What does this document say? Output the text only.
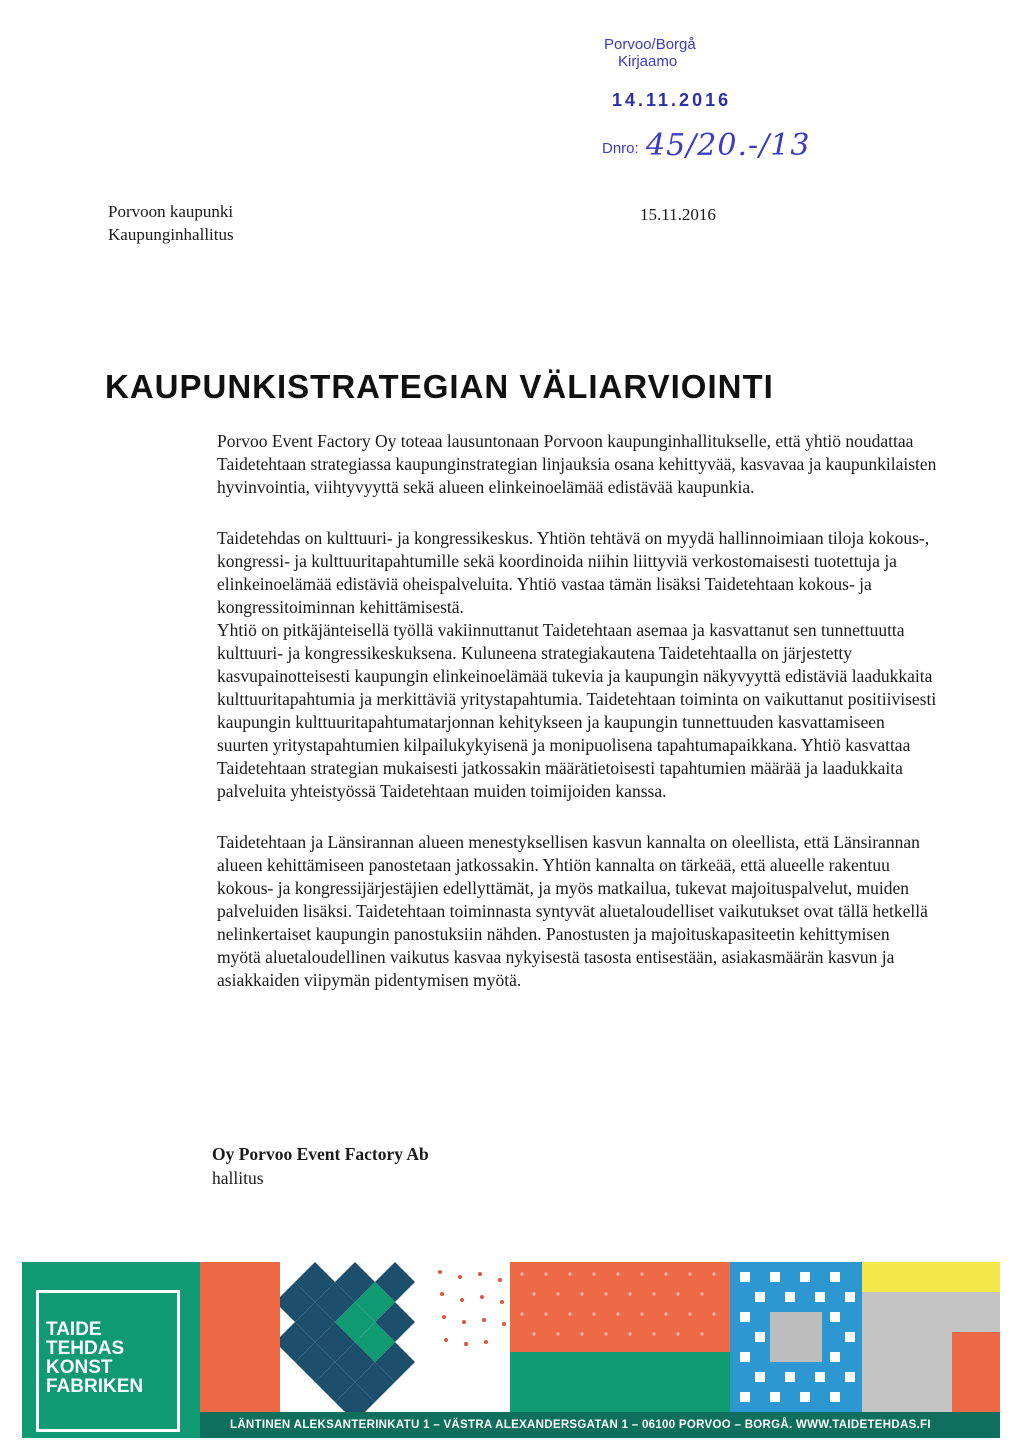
Porvoo/Borgå
Kirjaamo
14.11.2016
Dnro: 45/20.-/13
Porvoon kaupunki
Kaupunginhallitus
15.11.2016
KAUPUNKISTRATEGIAN VÄLIARVIOINTI

Porvoo Event Factory Oy toteaa lausuntonaan Porvoon kaupunginhallitukselle, että yhtiö noudattaa Taidetehtaan strategiassa kaupunginstrategian linjauksia osana kehittyvää, kasvavaa ja kaupunkilaisten hyvinvointia, viihtyvyyttä sekä alueen elinkeinoelämää edistävää kaupunkia.

Taidetehdas on kulttuuri- ja kongressikeskus. Yhtiön tehtävä on myydä hallinnoimiaan tiloja kokous-, kongressi- ja kulttuuritapahtumille sekä koordinoida niihin liittyviä verkostomaisesti tuotettuja ja elinkeinoelämää edistäviä oheispalveluita. Yhtiö vastaa tämän lisäksi Taidetehtaan kokous- ja kongressitoiminnan kehittämisestä.

Yhtiö on pitkäjänteisellä työllä vakiinnuttanut Taidetehtaan asemaa ja kasvattanut sen tunnettuutta kulttuuri- ja kongressikeskuksena. Kuluneena strategiakautena Taidetehtaalla on järjestetty kasvupainotteisesti kaupungin elinkeinoelämää tukevia ja kaupungin näkyvyyttä edistäviä laadukkaita kulttuuritapahtumia ja merkittäviä yritystapahtumia. Taidetehtaan toiminta on vaikuttanut positiivisesti kaupungin kulttuuritapahtumatarjonnan kehitykseen ja kaupungin tunnettuuden kasvattamiseen suurten yritystapahtumien kilpailukykyisenä ja monipuolisena tapahtumapaikkana. Yhtiö kasvattaa Taidetehtaan strategian mukaisesti jatkossakin määrätietoisesti tapahtumien määrää ja laadukkaita palveluita yhteistyössä Taidetehtaan muiden toimijoiden kanssa.

Taidetehtaan ja Länsirannan alueen menestyksellisen kasvun kannalta on oleellista, että Länsirannan alueen kehittämiseen panostetaan jatkossakin. Yhtiön kannalta on tärkeää, että alueelle rakentuu kokous- ja kongressijärjestäjien edellyttämät, ja myös matkailua, tukevat majoituspalvelut, muiden palveluiden lisäksi. Taidetehtaan toiminnasta syntyvät aluetaloudelliset vaikutukset ovat tällä hetkellä nelinkertaiset kaupungin panostuksiin nähden. Panostusten ja majoituskapasiteetin kehittymisen myötä aluetaloudellinen vaikutus kasvaa nykyisestä tasosta entisestään, asiakasmäärän kasvun ja asiakkaiden viipymän pidentymisen myötä.

Oy Porvoo Event Factory Ab
hallitus
TAIDE
TEHDAS
KONST
FABRIKEN
LÄNTINEN ALEKSANTERINKATU 1 – VÄSTRA ALEXANDERSGATAN 1 – 06100 PORVOO – BORGÅ. WWW.TAIDETEHDAS.FI
